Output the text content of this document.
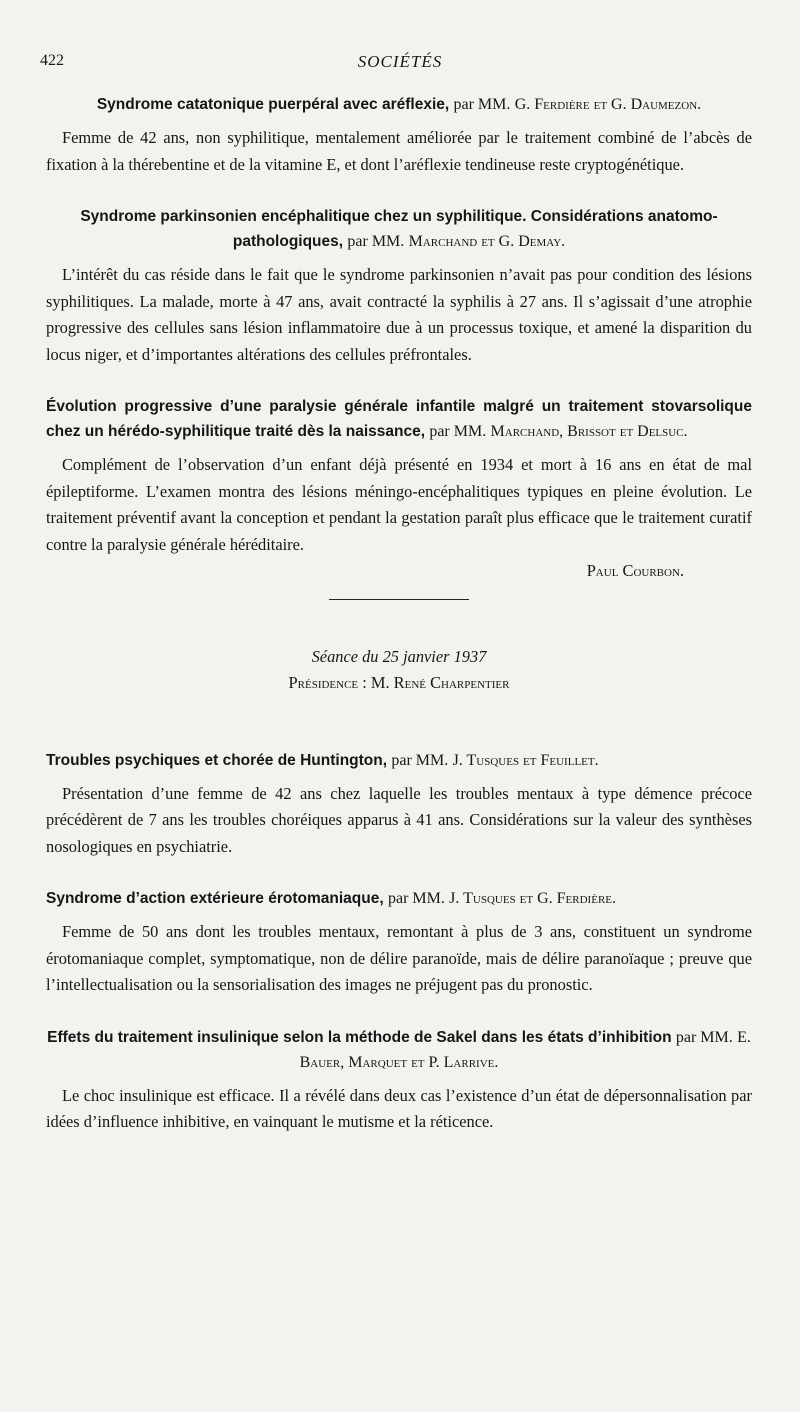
422	SOCIÉTÉS

Syndrome catatonique puerpéral avec aréflexie, par MM. G. Ferdière et G. Daumezon.

Femme de 42 ans, non syphilitique, mentalement améliorée par le traitement combiné de l’abcès de fixation à la thérebentine et de la vitamine E, et dont l’aréflexie tendineuse reste cryptogénétique.

Syndrome parkinsonien encéphalitique chez un syphilitique. Considérations anatomo-pathologiques, par MM. Marchand et G. Demay.

L’intérêt du cas réside dans le fait que le syndrome parkinsonien n’avait pas pour condition des lésions syphilitiques. La malade, morte à 47 ans, avait contracté la syphilis à 27 ans. Il s’agissait d’une atrophie progressive des cellules sans lésion inflammatoire due à un processus toxique, et amené la disparition du locus niger, et d’importantes altérations des cellules préfrontales.

Évolution progressive d’une paralysie générale infantile malgré un traitement stovarsolique chez un hérédo-syphilitique traité dès la naissance, par MM. Marchand, Brissot et Delsuc.

Complément de l’observation d’un enfant déjà présenté en 1934 et mort à 16 ans en état de mal épileptiforme. L’examen montra des lésions méningo-encéphalitiques typiques en pleine évolution. Le traitement préventif avant la conception et pendant la gestation paraît plus efficace que le traitement curatif contre la paralysie générale héréditaire.

Paul Courbon.
Séance du 25 janvier 1937
Présidence : M. René Charpentier

Troubles psychiques et chorée de Huntington, par MM. J. Tusques et Feuillet.

Présentation d’une femme de 42 ans chez laquelle les troubles mentaux à type démence précoce précédèrent de 7 ans les troubles choréiques apparus à 41 ans. Considérations sur la valeur des synthèses nosologiques en psychiatrie.

Syndrome d’action extérieure érotomaniaque, par MM. J. Tusques et G. Ferdière.

Femme de 50 ans dont les troubles mentaux, remontant à plus de 3 ans, constituent un syndrome érotomaniaque complet, symptomatique, non de délire paranoïde, mais de délire paranoïaque ; preuve que l’intellectualisation ou la sensorialisation des images ne préjugent pas du pronostic.

Effets du traitement insulinique selon la méthode de Sakel dans les états d’inhibition par MM. E. Bauer, Marquet et P. Larrive.

Le choc insulinique est efficace. Il a révélé dans deux cas l’existence d’un état de dépersonnalisation par idées d’influence inhibitive, en vainquant le mutisme et la réticence.
